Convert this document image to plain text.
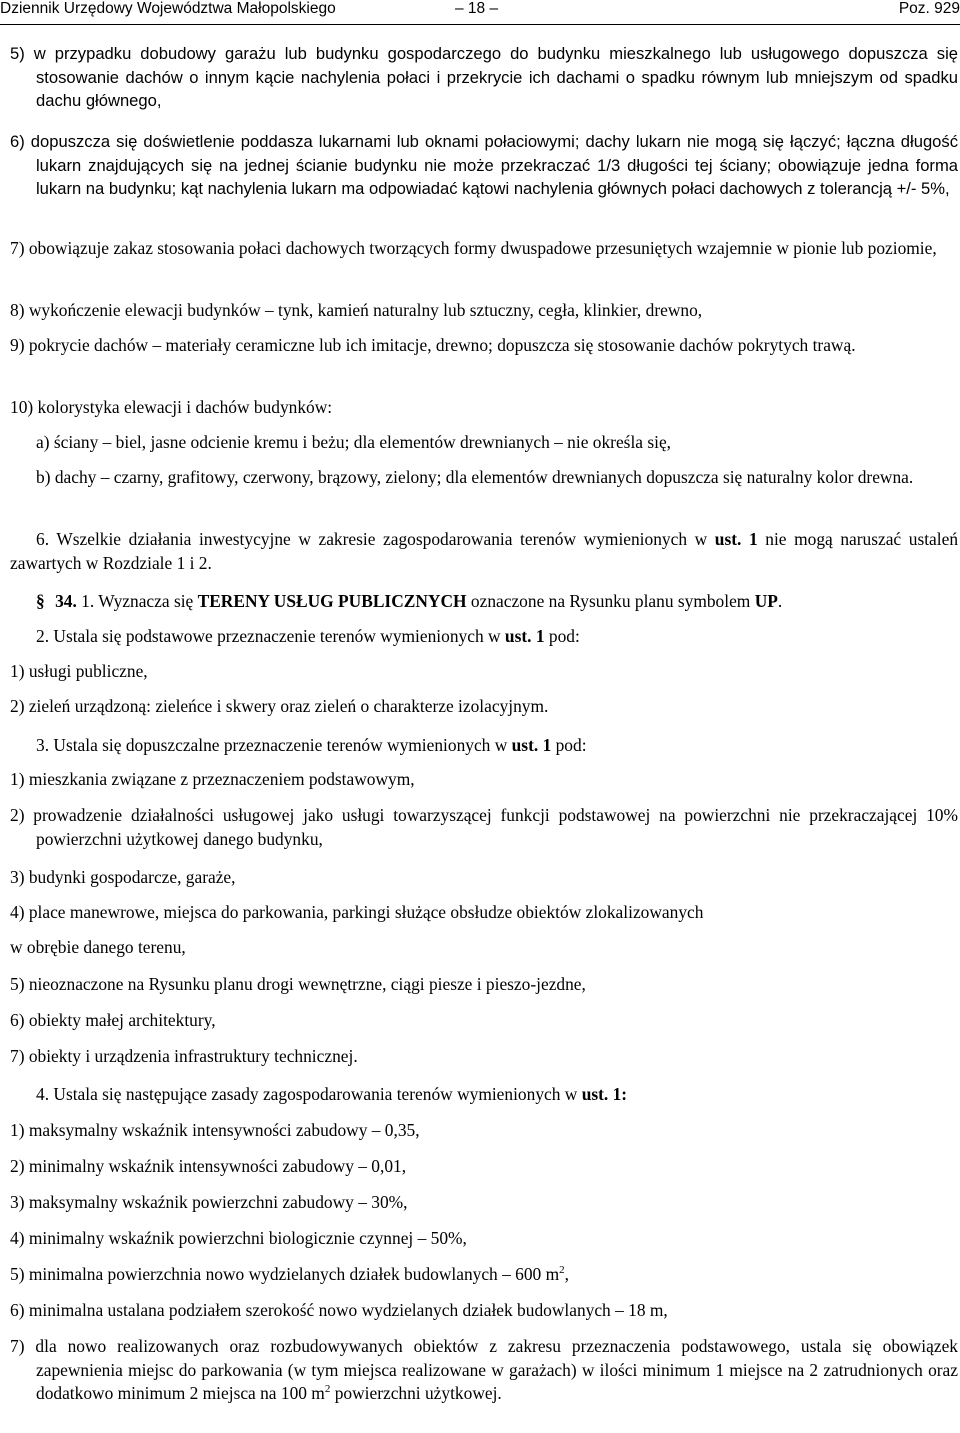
Dziennik Urzędowy Województwa Małopolskiego	– 18 –	Poz. 929
5) w przypadku dobudowy garażu lub budynku gospodarczego do budynku mieszkalnego lub usługowego dopuszcza się stosowanie dachów o innym kącie nachylenia połaci i przekrycie ich dachami o spadku równym lub mniejszym od spadku dachu głównego,
6) dopuszcza się doświetlenie poddasza lukarnami lub oknami połaciowymi; dachy lukarn nie mogą się łączyć; łączna długość lukarn znajdujących się na jednej ścianie budynku nie może przekraczać 1/3 długości tej ściany; obowiązuje jedna forma lukarn na budynku; kąt nachylenia lukarn ma odpowiadać kątowi nachylenia głównych połaci dachowych z tolerancją +/- 5%,
7) obowiązuje zakaz stosowania połaci dachowych tworzących formy dwuspadowe przesuniętych wzajemnie w pionie lub poziomie,
8) wykończenie elewacji budynków – tynk, kamień naturalny lub sztuczny, cegła, klinkier, drewno,
9) pokrycie dachów – materiały ceramiczne lub ich imitacje, drewno; dopuszcza się stosowanie dachów pokrytych trawą.
10) kolorystyka elewacji i dachów budynków:
a) ściany – biel, jasne odcienie kremu i beżu; dla elementów drewnianych – nie określa się,
b) dachy – czarny, grafitowy, czerwony, brązowy, zielony; dla elementów drewnianych dopuszcza się naturalny kolor drewna.
6. Wszelkie działania inwestycyjne w zakresie zagospodarowania terenów wymienionych w ust. 1 nie mogą naruszać ustaleń zawartych w Rozdziale 1 i 2.
§ 34. 1. Wyznacza się TERENY USŁUG PUBLICZNYCH oznaczone na Rysunku planu symbolem UP.
2. Ustala się podstawowe przeznaczenie terenów wymienionych w ust. 1 pod:
1) usługi publiczne,
2) zieleń urządzoną: zieleńce i skwery oraz zieleń o charakterze izolacyjnym.
3. Ustala się dopuszczalne przeznaczenie terenów wymienionych w ust. 1 pod:
1) mieszkania związane z przeznaczeniem podstawowym,
2) prowadzenie działalności usługowej jako usługi towarzyszącej funkcji podstawowej na powierzchni nie przekraczającej 10% powierzchni użytkowej danego budynku,
3) budynki gospodarcze, garaże,
4) place manewrowe, miejsca do parkowania, parkingi służące obsłudze obiektów zlokalizowanych
w obrębie danego terenu,
5) nieoznaczone na Rysunku planu drogi wewnętrzne, ciągi piesze i pieszo-jezdne,
6) obiekty małej architektury,
7) obiekty i urządzenia infrastruktury technicznej.
4. Ustala się następujące zasady zagospodarowania terenów wymienionych w ust. 1:
1) maksymalny wskaźnik intensywności zabudowy – 0,35,
2) minimalny wskaźnik intensywności zabudowy – 0,01,
3) maksymalny wskaźnik powierzchni zabudowy – 30%,
4) minimalny wskaźnik powierzchni biologicznie czynnej – 50%,
5) minimalna powierzchnia nowo wydzielanych działek budowlanych – 600 $m^2$,
6) minimalna ustalana podziałem szerokość nowo wydzielanych działek budowlanych – 18 m,
7) dla nowo realizowanych oraz rozbudowywanych obiektów z zakresu przeznaczenia podstawowego, ustala się obowiązek zapewnienia miejsc do parkowania (w tym miejsca realizowane w garażach) w ilości minimum 1 miejsce na 2 zatrudnionych oraz dodatkowo minimum 2 miejsca na 100 $m^2$ powierzchni użytkowej.
